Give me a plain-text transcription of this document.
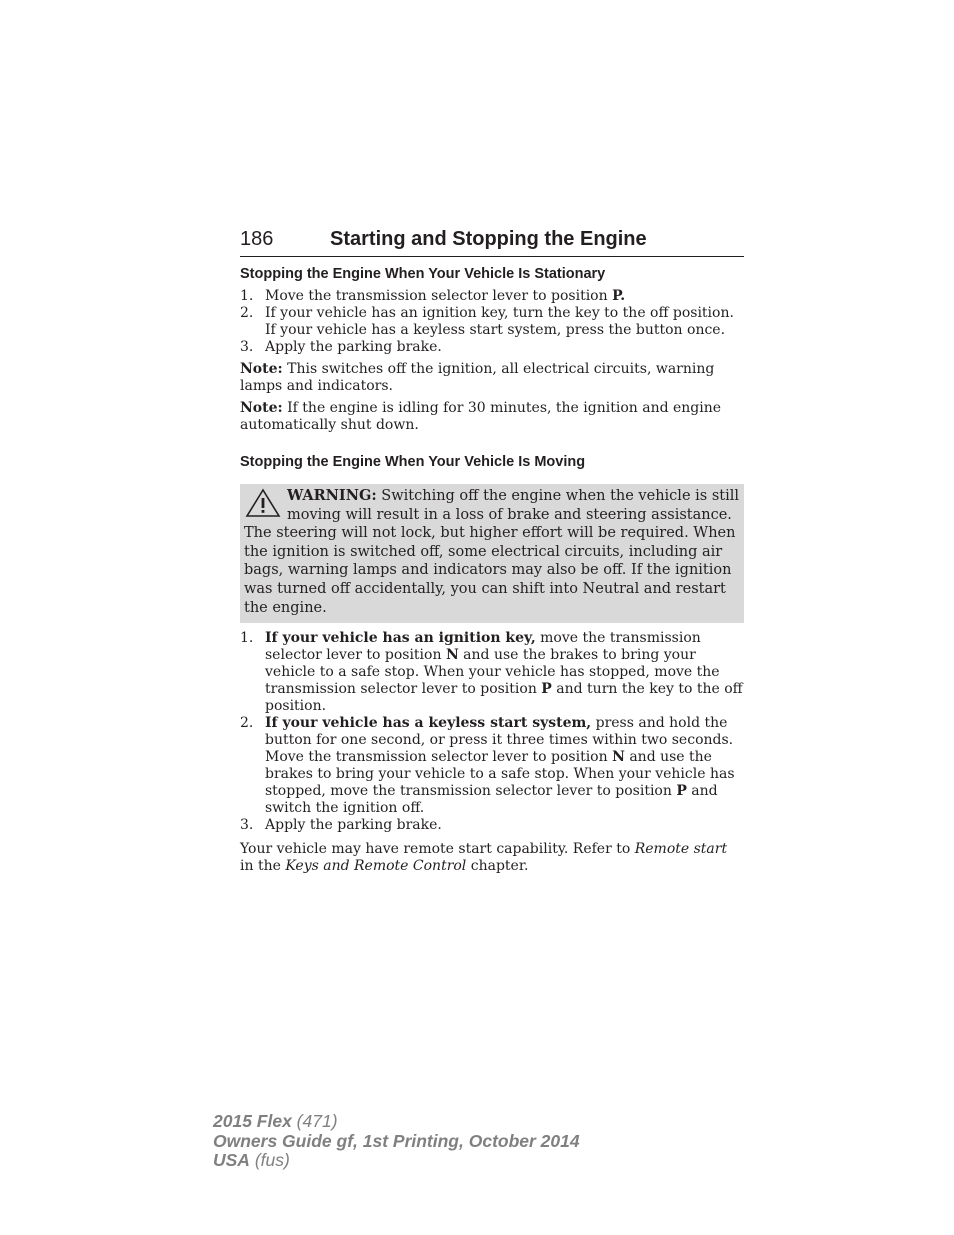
186	Starting and Stopping the Engine
Stopping the Engine When Your Vehicle Is Stationary
1. Move the transmission selector lever to position P.
2. If your vehicle has an ignition key, turn the key to the off position. If your vehicle has a keyless start system, press the button once.
3. Apply the parking brake.

Note: This switches off the ignition, all electrical circuits, warning lamps and indicators.

Note: If the engine is idling for 30 minutes, the ignition and engine automatically shut down.

Stopping the Engine When Your Vehicle Is Moving
WARNING: Switching off the engine when the vehicle is still moving will result in a loss of brake and steering assistance. The steering will not lock, but higher effort will be required. When the ignition is switched off, some electrical circuits, including air bags, warning lamps and indicators may also be off. If the ignition was turned off accidentally, you can shift into Neutral and restart the engine.
1. If your vehicle has an ignition key, move the transmission selector lever to position N and use the brakes to bring your vehicle to a safe stop. When your vehicle has stopped, move the transmission selector lever to position P and turn the key to the off position.
2. If your vehicle has a keyless start system, press and hold the button for one second, or press it three times within two seconds. Move the transmission selector lever to position N and use the brakes to bring your vehicle to a safe stop. When your vehicle has stopped, move the transmission selector lever to position P and switch the ignition off.
3. Apply the parking brake.

Your vehicle may have remote start capability. Refer to Remote start in the Keys and Remote Control chapter.

2015 Flex (471)
Owners Guide gf, 1st Printing, October 2014
USA (fus)
